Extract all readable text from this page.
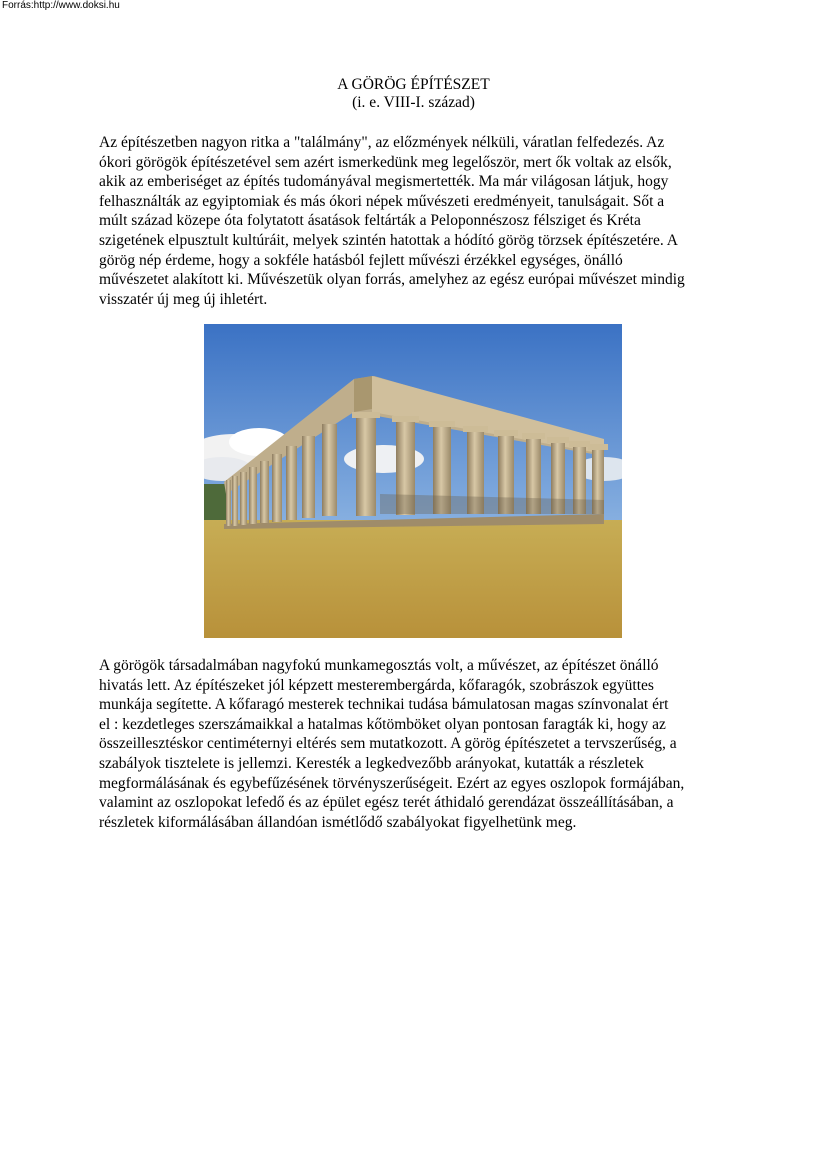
Forrás:http://www.doksi.hu
A GÖRÖG ÉPÍTÉSZET
(i. e. VIII-I. század)
Az építészetben nagyon ritka a "találmány", az előzmények nélküli, váratlan felfedezés. Az
ókori görögök építészetével sem azért ismerkedünk meg legelőször, mert ők voltak az elsők,
akik az emberiséget az építés tudományával megismertették. Ma már világosan látjuk, hogy
felhasználták az egyiptomiak és más ókori népek művészeti eredményeit, tanulságait. Sőt a
múlt század közepe óta folytatott ásatások feltárták a Peloponnészosz félsziget és Kréta
szigetének elpusztult kultúráit, melyek szintén hatottak a hódító görög törzsek építészetére. A
görög nép érdeme, hogy a sokféle hatásból fejlett művészi érzékkel egységes, önálló
művészetet alakított ki. Művészetük olyan forrás, amelyhez az egész európai művészet mindig
visszatér új meg új ihletért.
A görögök társadalmában nagyfokú munkamegosztás volt, a művészet, az építészet önálló
hivatás lett. Az építészeket jól képzett mesterembergárda, kőfaragók, szobrászok együttes
munkája segítette. A kőfaragó mesterek technikai tudása bámulatosan magas színvonalat ért
el : kezdetleges szerszámaikkal a hatalmas kőtömböket olyan pontosan faragták ki, hogy az
összeillesztéskor centiméternyi eltérés sem mutatkozott. A görög építészetet a tervszerűség, a
szabályok tisztelete is jellemzi. Keresték a legkedvezőbb arányokat, kutatták a részletek
megformálásának és egybefűzésének törvényszerűségeit. Ezért az egyes oszlopok formájában,
valamint az oszlopokat lefedő és az épület egész terét áthidaló gerendázat összeállításában, a
részletek kiformálásában állandóan ismétlődő szabályokat figyelhetünk meg.
